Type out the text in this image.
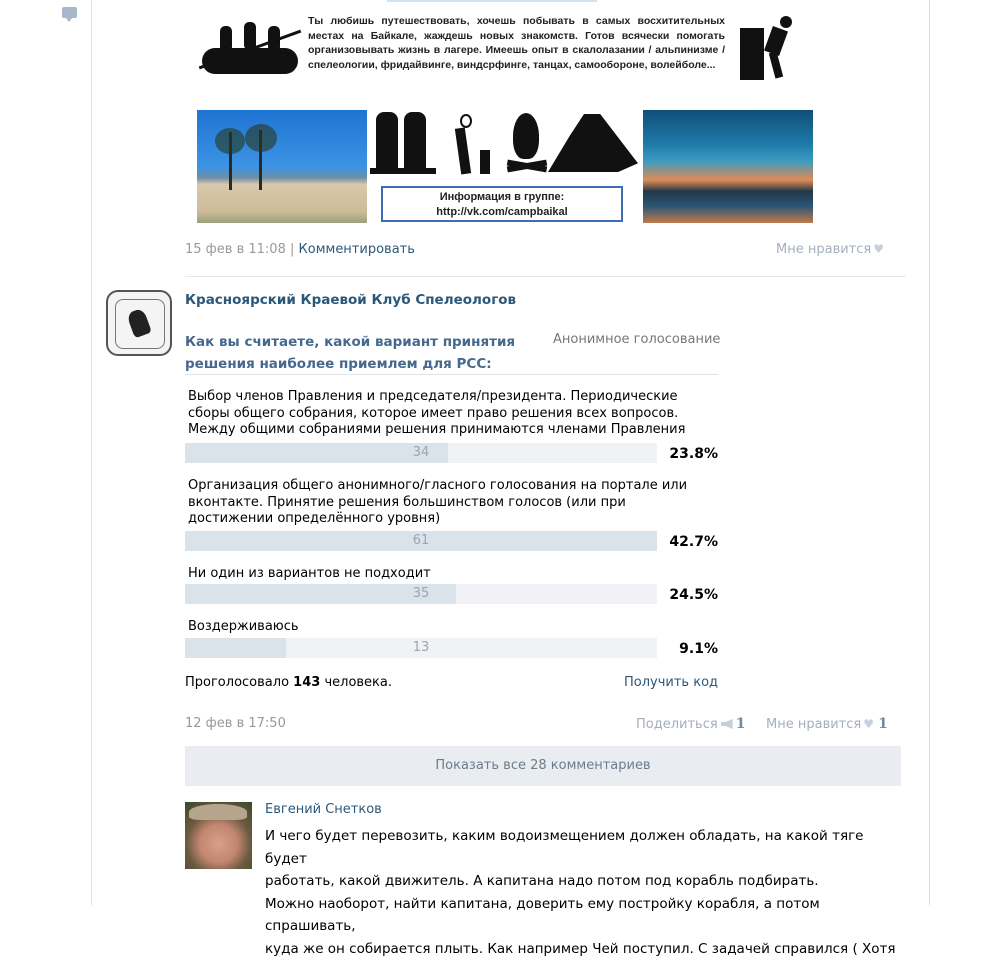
Ты любишь путешествовать, хочешь побывать в самых восхитительных местах на Байкале, жаждешь новых знакомств. Готов всячески помогать организовывать жизнь в лагере. Имеешь опыт в скалолазании / альпинизме / спелеологии, фридайвинге, виндсрфинге, танцах, самообороне, волейболе...
Информация в группе:
http://vk.com/campbaikal
15 фев в 11:08 | Комментировать	Мне нравится ♥
Красноярский Краевой Клуб Спелеологов
Как вы считаете, какой вариант принятия решения наиболее приемлем для РСС:
Анонимное голосование
Выбор членов Правления и председателя/президента. Периодические сборы общего собрания, которое имеет право решения всех вопросов. Между общими собраниями решения принимаются членами Правления
34	23.8%
Организация общего анонимного/гласного голосования на портале или вконтакте. Принятие решения большинством голосов (или при достижении определённого уровня)
61	42.7%
Ни один из вариантов не подходит
35	24.5%
Воздерживаюсь
13	9.1%
Проголосовало 143 человека.	Получить код
12 фев в 17:50	Поделиться 1 Мне нравится ♥ 1
Показать все 28 комментариев
Евгений Снетков
И чего будет перевозить, каким водоизмещением должен обладать, на какой тяге будет
работать, какой движитель. А капитана надо потом под корабль подбирать.
Можно наоборот, найти капитана, доверить ему постройку корабля, а потом спрашивать,
куда же он собирается плыть. Как например Чей поступил. С задачей справился ( Хотя
